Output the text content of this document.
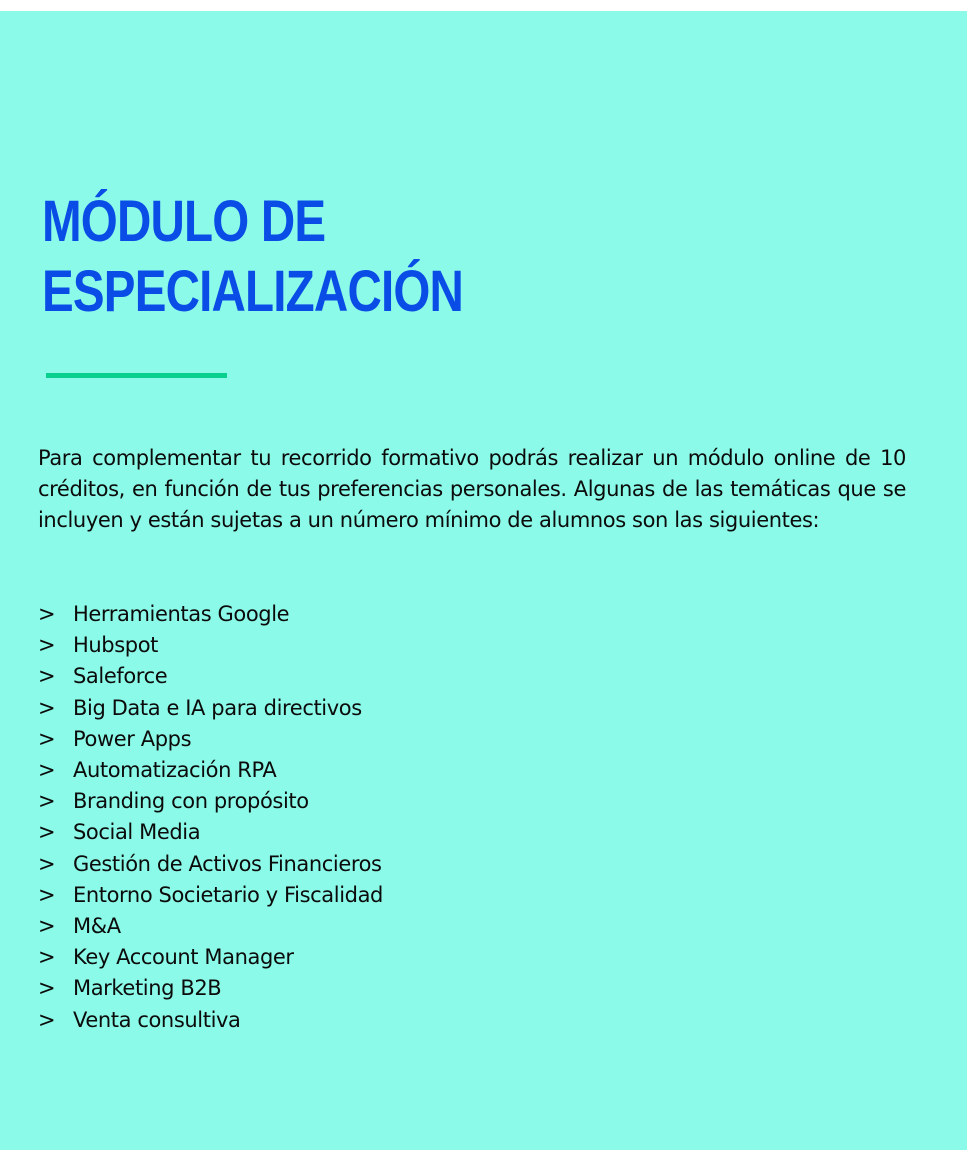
MÓDULO DE
ESPECIALIZACIÓN

Para complementar tu recorrido formativo podrás realizar un módulo online de 10 créditos, en función de tus preferencias personales. Algunas de las temáticas que se incluyen y están sujetas a un número mínimo de alumnos son las siguientes:

> Herramientas Google
> Hubspot
> Saleforce
> Big Data e IA para directivos
> Power Apps
> Automatización RPA
> Branding con propósito
> Social Media
> Gestión de Activos Financieros
> Entorno Societario y Fiscalidad
> M&A
> Key Account Manager
> Marketing B2B
> Venta consultiva
